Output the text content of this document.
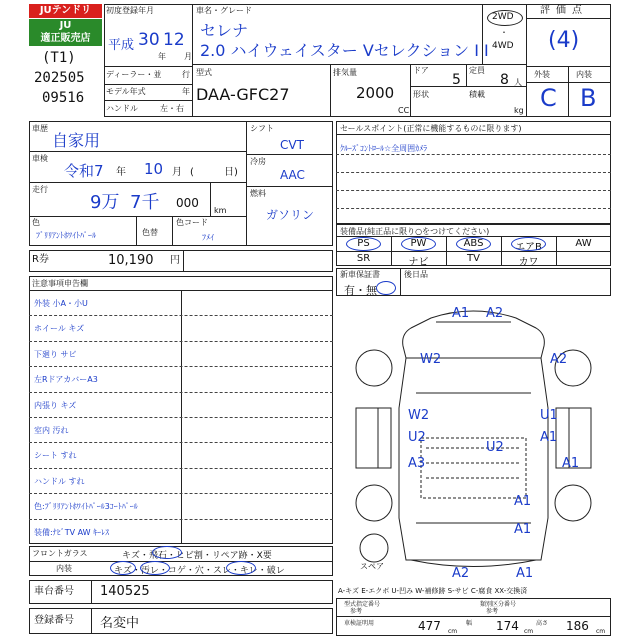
JUテンドリ
JU
適正販売店
(T1)
202505
09516
初度登録年月
平成 30
年
12
月
ディーラー・並	行
モデル年式	年
ハンドル	左・右
車名・グレード
セレナ
2.0 ハイウェイスター Vセレクション I I
2WD
・
4WD
型式
DAA-GFC27
排気量
2000
CC
ドア
5
定員
8 人
形状	積載
kg
評価点
(4)
外装	内装
C B
車歴
自家用
車検
令和7 年 10 月 (	日)
走行
9万 7千 000
km
色
ﾌﾞﾘﾘｱﾝﾄﾎﾜｲﾄﾊﾟｰﾙ	色替
色コード
ﾌﾒｲ
シフト
CVT
冷房
AAC
燃料
ガソリン
R券	10,190 円
セールスポイント(正常に機能するものに限ります)
ｸﾙｰｽﾞｺﾝﾄﾛｰﾙ☆全周囲ｶﾒﾗ
装備品(純正品に限り○をつけてください)
PS	PW	ABS	エアB	AW
SR	ナビ	TV	カワ
新車保証書
有・無
後日品
注意事項申告欄
外装 小A・小U
ホイール キズ
下廻り サビ
左RドアカバーA3
内張り キズ
室内 汚れ
シート すれ
ハンドル すれ
色:ﾌﾞﾘﾘｱﾝﾄﾎﾜｲﾄﾊﾟｰﾙ3ｺｰﾄﾊﾟｰﾙ
装備:ﾅﾋﾞTV AW ｷｰﾚｽ
フロントガラス	キズ・飛石・ヒビ割・リペア跡・X要
内装	キズ・汚レ・コゲ・穴・スレ・キレ・破レ
車台番号 140525
登録番号 名変中
A1 A2
W2	A2
W2
U2
A3
U1
A1
U2
A1
A1
A1
A2	A1
スペア
A-キズ E-エクボ U-凹み W-補修跡 S-サビ C-腐食 XX-交換済
型式指定番号	類別区分番号
参考	参考
車検証明用	477 cm
幅 174 cm
高さ 186 cm
